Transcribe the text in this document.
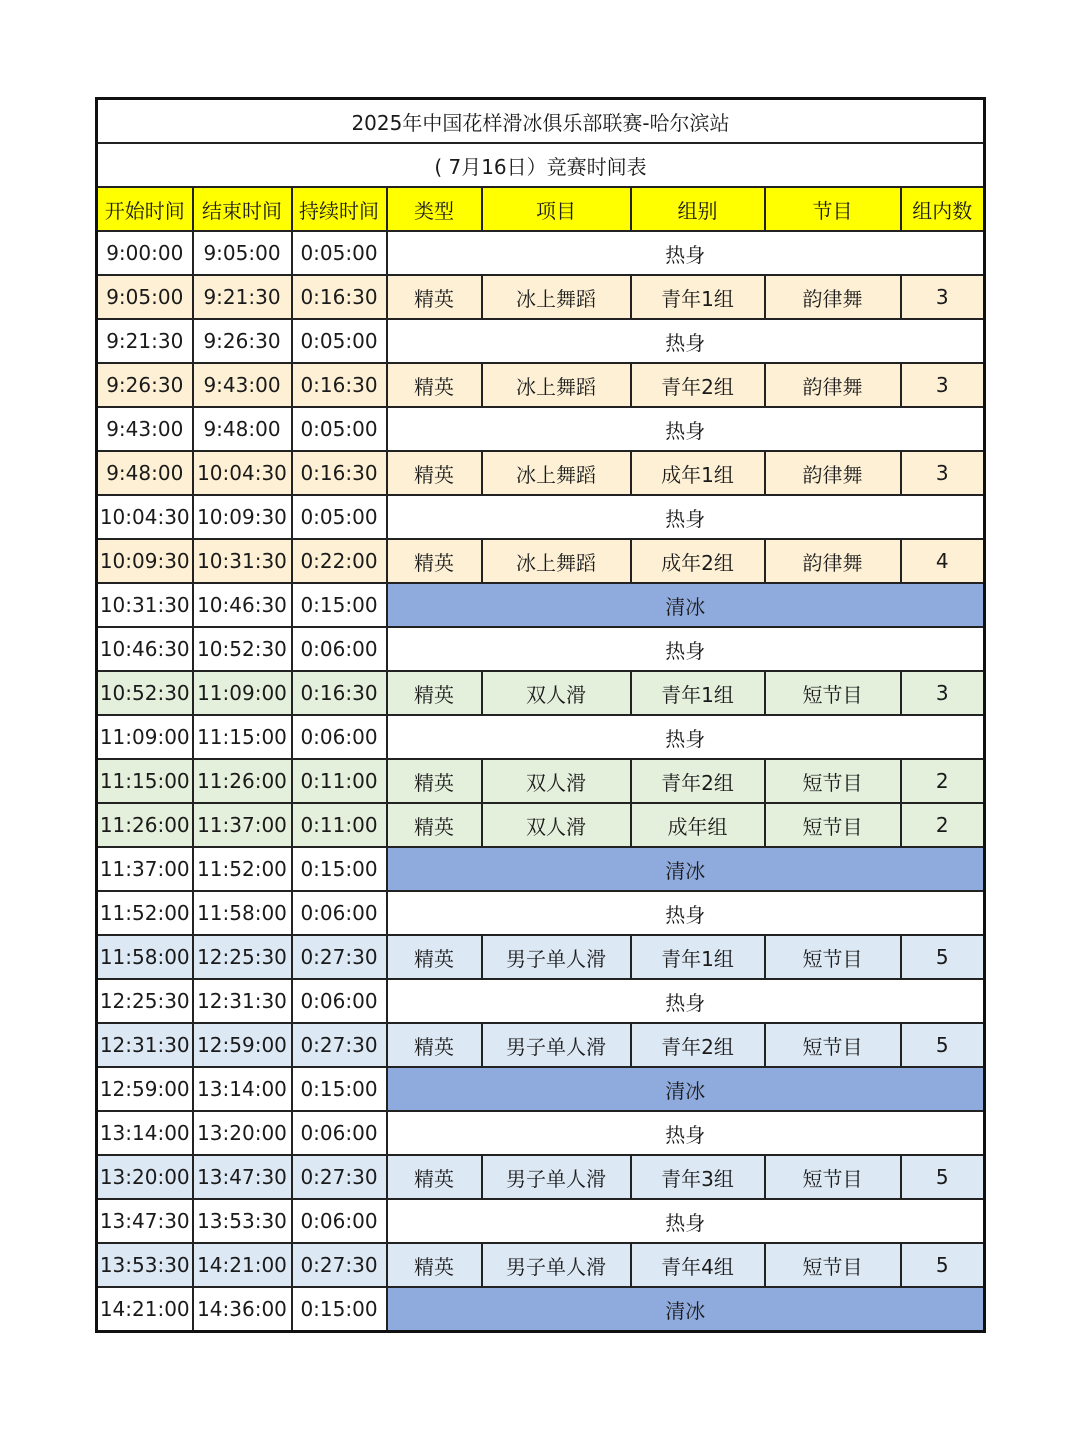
2025年中国花样滑冰俱乐部联赛-哈尔滨站							
( 7月16日）竞赛时间表							
开始时间	结束时间	持续时间	类型	项目	组别	节目	组内数
9:00:00	9:05:00	0:05:00	热身				
9:05:00	9:21:30	0:16:30	精英	冰上舞蹈	青年1组	韵律舞	3
9:21:30	9:26:30	0:05:00	热身				
9:26:30	9:43:00	0:16:30	精英	冰上舞蹈	青年2组	韵律舞	3
9:43:00	9:48:00	0:05:00	热身				
9:48:00	10:04:30	0:16:30	精英	冰上舞蹈	成年1组	韵律舞	3
10:04:30	10:09:30	0:05:00	热身				
10:09:30	10:31:30	0:22:00	精英	冰上舞蹈	成年2组	韵律舞	4
10:31:30	10:46:30	0:15:00	清冰				
10:46:30	10:52:30	0:06:00	热身				
10:52:30	11:09:00	0:16:30	精英	双人滑	青年1组	短节目	3
11:09:00	11:15:00	0:06:00	热身				
11:15:00	11:26:00	0:11:00	精英	双人滑	青年2组	短节目	2
11:26:00	11:37:00	0:11:00	精英	双人滑	成年组	短节目	2
11:37:00	11:52:00	0:15:00	清冰				
11:52:00	11:58:00	0:06:00	热身				
11:58:00	12:25:30	0:27:30	精英	男子单人滑	青年1组	短节目	5
12:25:30	12:31:30	0:06:00	热身				
12:31:30	12:59:00	0:27:30	精英	男子单人滑	青年2组	短节目	5
12:59:00	13:14:00	0:15:00	清冰				
13:14:00	13:20:00	0:06:00	热身				
13:20:00	13:47:30	0:27:30	精英	男子单人滑	青年3组	短节目	5
13:47:30	13:53:30	0:06:00	热身				
13:53:30	14:21:00	0:27:30	精英	男子单人滑	青年4组	短节目	5
14:21:00	14:36:00	0:15:00	清冰				
